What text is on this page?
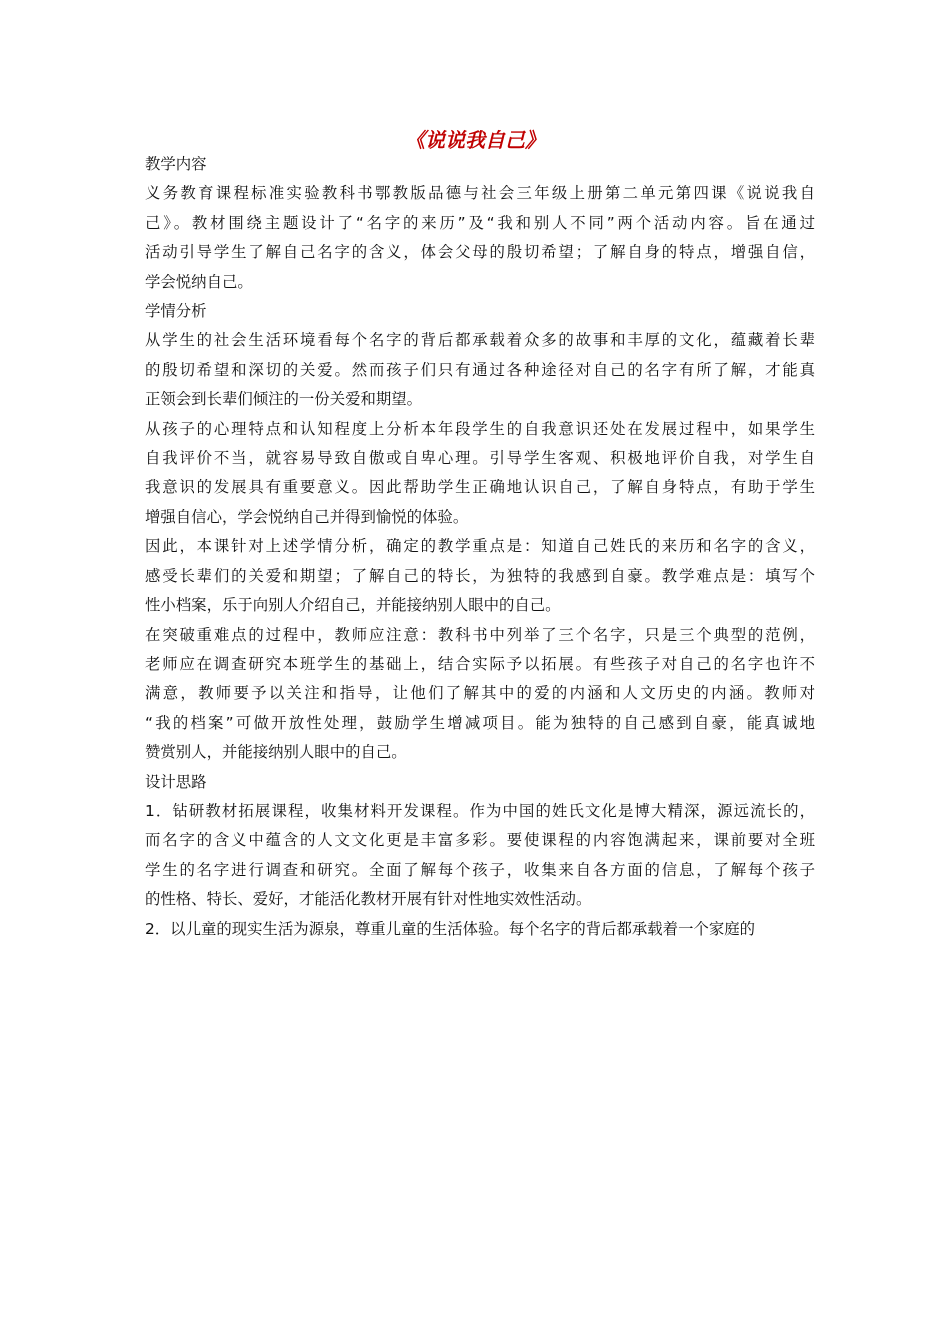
《说说我自己》
教学内容
义务教育课程标准实验教科书鄂教版品德与社会三年级上册第二单元第四课《说说我自
己》。教材围绕主题设计了“名字的来历”及“我和别人不同”两个活动内容。旨在通过
活动引导学生了解自己名字的含义，体会父母的殷切希望；了解自身的特点，增强自信，
学会悦纳自己。
学情分析
从学生的社会生活环境看每个名字的背后都承载着众多的故事和丰厚的文化，蕴藏着长辈
的殷切希望和深切的关爱。然而孩子们只有通过各种途径对自己的名字有所了解，才能真
正领会到长辈们倾注的一份关爱和期望。
从孩子的心理特点和认知程度上分析本年段学生的自我意识还处在发展过程中，如果学生
自我评价不当，就容易导致自傲或自卑心理。引导学生客观、积极地评价自我，对学生自
我意识的发展具有重要意义。因此帮助学生正确地认识自己，了解自身特点，有助于学生
增强自信心，学会悦纳自己并得到愉悦的体验。
因此，本课针对上述学情分析，确定的教学重点是：知道自己姓氏的来历和名字的含义，
感受长辈们的关爱和期望；了解自己的特长，为独特的我感到自豪。教学难点是：填写个
性小档案，乐于向别人介绍自己，并能接纳别人眼中的自己。
在突破重难点的过程中，教师应注意：教科书中列举了三个名字，只是三个典型的范例，
老师应在调查研究本班学生的基础上，结合实际予以拓展。有些孩子对自己的名字也许不
满意，教师要予以关注和指导，让他们了解其中的爱的内涵和人文历史的内涵。教师对
“我的档案”可做开放性处理，鼓励学生增减项目。能为独特的自己感到自豪，能真诚地
赞赏别人，并能接纳别人眼中的自己。
设计思路
1．钻研教材拓展课程，收集材料开发课程。作为中国的姓氏文化是博大精深，源远流长的，
而名字的含义中蕴含的人文文化更是丰富多彩。要使课程的内容饱满起来，课前要对全班
学生的名字进行调查和研究。全面了解每个孩子，收集来自各方面的信息，了解每个孩子
的性格、特长、爱好，才能活化教材开展有针对性地实效性活动。
2．以儿童的现实生活为源泉，尊重儿童的生活体验。每个名字的背后都承载着一个家庭的
